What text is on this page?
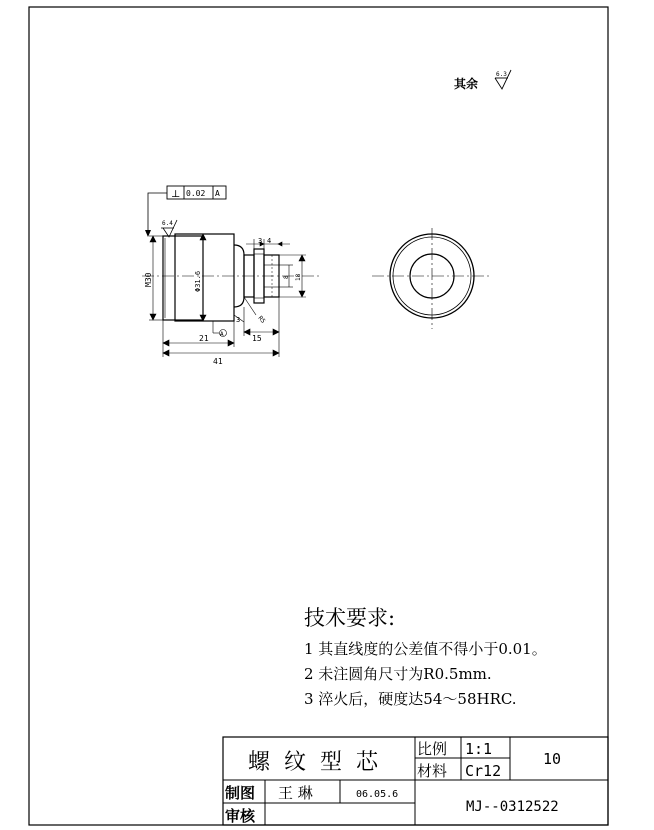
其余
6.3
⊥ 0.02 A
6.4
M30	Φ31.6
21
41
15
3 4
3
8 18
A
R5
技术要求:
1 其直线度的公差值不得小于0.01。
2 未注圆角尺寸为R0.5mm.
3 淬火后，硬度达54～58HRC.
螺纹型芯
比例 1:1
材料 Cr12
10
制图 王 琳	06.05.6
审核	MJ--0312522
